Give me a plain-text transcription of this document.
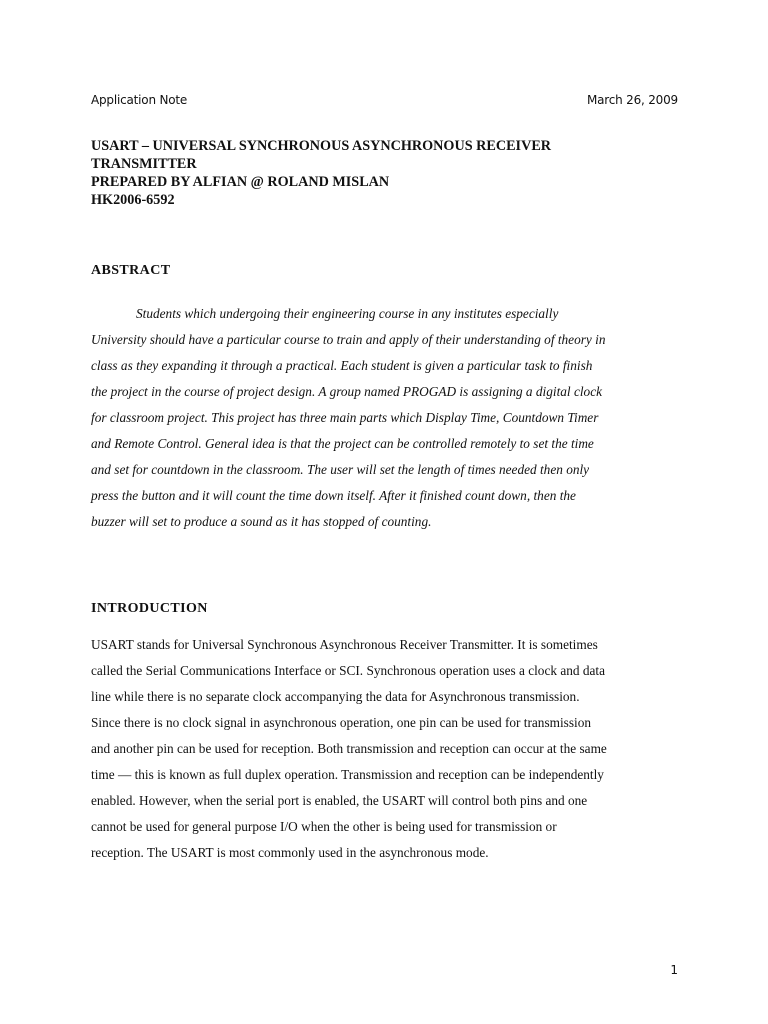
Application Note	March 26, 2009
USART – UNIVERSAL SYNCHRONOUS ASYNCHRONOUS RECEIVER
TRANSMITTER
PREPARED BY ALFIAN @ ROLAND MISLAN
HK2006-6592
ABSTRACT
Students which undergoing their engineering course in any institutes especially
University should have a particular course to train and apply of their understanding of theory in
class as they expanding it through a practical. Each student is given a particular task to finish
the project in the course of project design. A group named PROGAD is assigning a digital clock
for classroom project. This project has three main parts which Display Time, Countdown Timer
and Remote Control. General idea is that the project can be controlled remotely to set the time
and set for countdown in the classroom. The user will set the length of times needed then only
press the button and it will count the time down itself. After it finished count down, then the
buzzer will set to produce a sound as it has stopped of counting.
INTRODUCTION
USART stands for Universal Synchronous Asynchronous Receiver Transmitter. It is sometimes
called the Serial Communications Interface or SCI. Synchronous operation uses a clock and data
line while there is no separate clock accompanying the data for Asynchronous transmission.
Since there is no clock signal in asynchronous operation, one pin can be used for transmission
and another pin can be used for reception. Both transmission and reception can occur at the same
time — this is known as full duplex operation. Transmission and reception can be independently
enabled. However, when the serial port is enabled, the USART will control both pins and one
cannot be used for general purpose I/O when the other is being used for transmission or
reception. The USART is most commonly used in the asynchronous mode.
1
